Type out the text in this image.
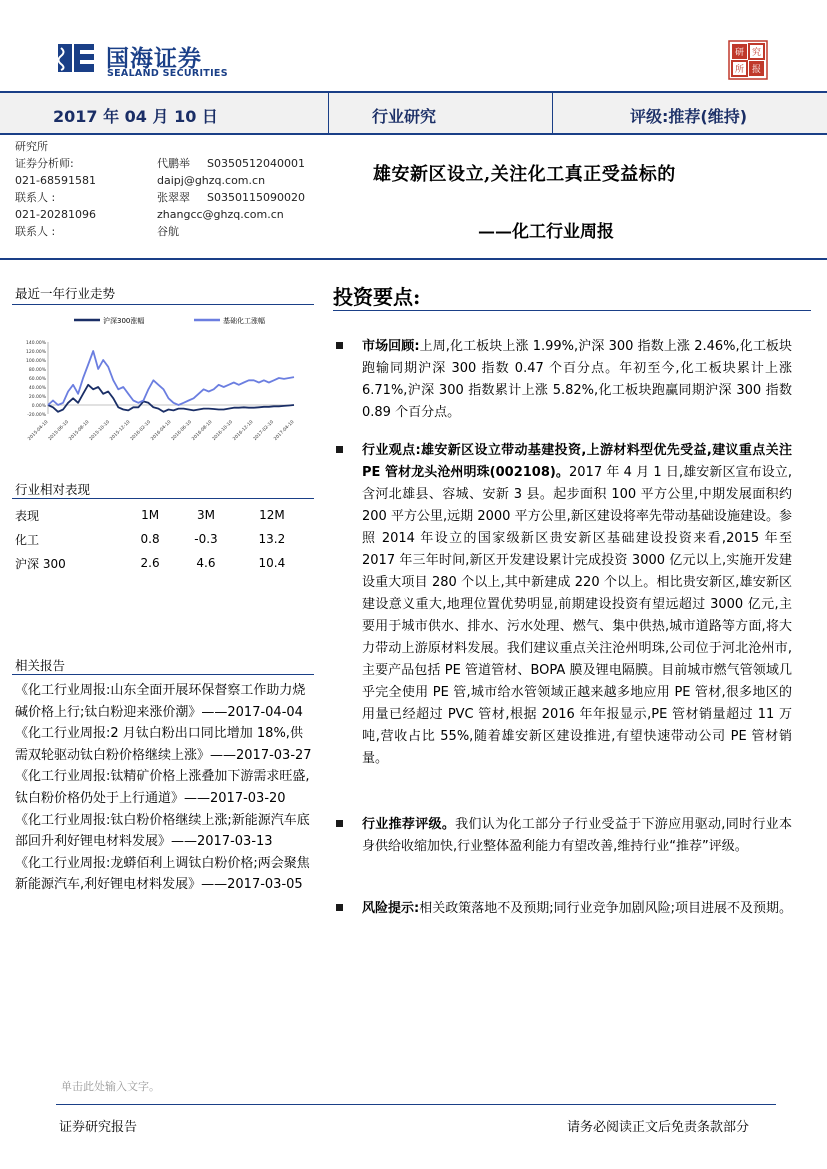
国海证券
SEALAND SECURITIES
研 究
所 报
2017 年 04 月 10 日	行业研究	评级:推荐(维持)
研究所
证券分析师:	代鹏举 S0350512040001
021-68591581	daipj@ghzq.com.cn
联系人 :	张翠翠 S0350115090020
021-20281096	zhangcc@ghzq.com.cn
联系人 :	谷航
雄安新区设立,关注化工真正受益标的
——化工行业周报
最近一年行业走势
沪深300涨幅	基础化工涨幅
-20.00%
0.00%
20.00%
40.00%
60.00%
80.00%
100.00%
120.00%
140.00%
2015-04-10
2015-06-10
2015-08-10
2015-10-10
2015-12-10
2016-02-10
2016-04-10
2016-06-10
2016-08-10
2016-10-10
2016-12-10
2017-02-10
2017-04-10
行业相对表现
表现	1M	3M	12M
化工	0.8	-0.3	13.2
沪深 300	2.6	4.6	10.4
相关报告

《化工行业周报:山东全面开展环保督察工作助力烧碱价格上行;钛白粉迎来涨价潮》——2017-04-04

《化工行业周报:2 月钛白粉出口同比增加 18%,供需双轮驱动钛白粉价格继续上涨》——2017-03-27

《化工行业周报:钛精矿价格上涨叠加下游需求旺盛,钛白粉价格仍处于上行通道》——2017-03-20

《化工行业周报:钛白粉价格继续上涨;新能源汽车底部回升利好锂电材料发展》——2017-03-13

《化工行业周报:龙蟒佰利上调钛白粉价格;两会聚焦新能源汽车,利好锂电材料发展》——2017-03-05

投资要点:
市场回顾:上周,化工板块上涨 1.99%,沪深 300 指数上涨 2.46%,化工板块跑输同期沪深 300 指数 0.47 个百分点。年初至今,化工板块累计上涨 6.71%,沪深 300 指数累计上涨 5.82%,化工板块跑赢同期沪深 300 指数 0.89 个百分点。
行业观点:雄安新区设立带动基建投资,上游材料型优先受益,建议重点关注 PE 管材龙头沧州明珠(002108)。2017 年 4 月 1 日,雄安新区宣布设立,含河北雄县、容城、安新 3 县。起步面积 100 平方公里,中期发展面积约 200 平方公里,远期 2000 平方公里,新区建设将率先带动基础设施建设。参照 2014 年设立的国家级新区贵安新区基础建设投资来看,2015 年至 2017 年三年时间,新区开发建设累计完成投资 3000 亿元以上,实施开发建设重大项目 280 个以上,其中新建成 220 个以上。相比贵安新区,雄安新区建设意义重大,地理位置优势明显,前期建设投资有望远超过 3000 亿元,主要用于城市供水、排水、污水处理、燃气、集中供热,城市道路等方面,将大力带动上游原材料发展。我们建议重点关注沧州明珠,公司位于河北沧州市,主要产品包括 PE 管道管材、BOPA 膜及锂电隔膜。目前城市燃气管领域几乎完全使用 PE 管,城市给水管领域正越来越多地应用 PE 管材,很多地区的用量已经超过 PVC 管材,根据 2016 年年报显示,PE 管材销量超过 11 万吨,营收占比 55%,随着雄安新区建设推进,有望快速带动公司 PE 管材销量。
行业推荐评级。我们认为化工部分子行业受益于下游应用驱动,同时行业本身供给收缩加快,行业整体盈利能力有望改善,维持行业“推荐”评级。
风险提示:相关政策落地不及预期;同行业竞争加剧风险;项目进展不及预期。
单击此处输入文字。
证券研究报告	请务必阅读正文后免责条款部分
